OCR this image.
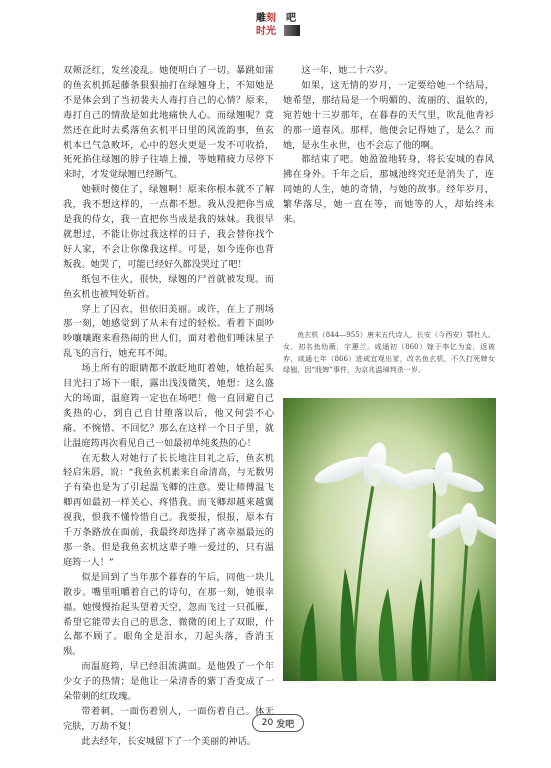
雕刻
时光
吧

双颊泛红，发丝凌乱。她便明白了一切。暴跳如雷的鱼玄机抓起藤条狠狠抽打在绿翘身上，不知她是不是体会到了当初裴夫人毒打自己的心情？原来，毒打自己的情敌是如此地痛快人心。而绿翘呢？竟然还在此时去奚落鱼玄机平日里的风流韵事，鱼玄机本已气急败坏，心中的怒火更是一发不可收拾，死死掐住绿翘的脖子往墙上撞，等她精疲力尽停下来时，才发觉绿翘已经断气。

她顿时傻住了，绿翘啊！原来你根本就不了解我，我不想这样的，一点都不想。我从没把你当成是我的侍女，我一直把你当成是我的妹妹。我很早就想过，不能让你过我这样的日子，我会替你找个好人家，不会让你像我这样。可是，如今连你也背叛我。她哭了，可能已经好久都没哭过了吧！

纸包不住火，很快，绿翘的尸首就被发现。而鱼玄机也被判处斩首。

穿上了囚衣，但依旧美丽。或许，在上了刑场那一刻，她感觉到了从未有过的轻松。看着下面吵吵嚷嚷跑来看热闹的世人们，面对着他们唾沫星子乱飞的言行，她充耳不闻。

场上所有的眼睛都不敢眨地盯着她，她抬起头目光扫了场下一眼，露出浅浅微笑，她想：这么盛大的场面，温庭筠一定也在场吧！他一直回避自己炙热的心，到自己自甘堕落以后，他又何尝不心痛、不惋惜、不回忆？那么在这样一个日子里，就让温庭筠再次看见自己一如最初单纯炙热的心！

在无数人对她行了长长地注目礼之后，鱼玄机轻启朱唇，说：“我鱼玄机素来自命清高，与无数男子有染也是为了引起温飞卿的注意。要让师傅温飞卿再如最初一样关心、疼惜我。而飞卿却越来越冀视我，恨我不懂怜惜自己。我要报，恨报，原本有千万条路放在面前，我最终却选择了离幸福最远的那一条。但是我鱼玄机这辈子唯一爱过的，只有温庭筠一人！”

似是回到了当年那个暮春的午后，同他一块儿散步。嘴里咀嚼着自己的诗句，在那一刻，她很幸福。她慢慢抬起头望着天空，忽而飞过一只孤雁，希望它能带去自己的思念，微微的闭上了双眼，什么都不顾了。眼角全是泪水，刀起头落，香消玉殒。

而温庭筠，早已经泪流满面。是他毁了一个年少女子的热情；是他让一朵清香的紫丁香变成了一朵带刺的红玫瑰。

带着刺，一面伤着别人，一面伤着自己。体无完肤，万劫不复！

此去经年，长安城留下了一个美丽的神话。

这一年，她二十六岁。

如果，这无情的岁月，一定要给她一个结局，她希望，那结局是一个明媚的、流丽的、温软的，宛若她十三岁那年，在暮春的天气里，吹乱他青衫的那一道春风。那样，他便会记得她了，是么？而她，是永生永世，也不会忘了他的啊。

都结束了吧。她盈盈地转身，将长安城的春风拂在身外。千年之后，那城池终究还是消失了，连同她的人生，她的奇情，与她的故事。经年岁月，繁华落尽，她一直在等，而她等的人，却始终未来。

鱼玄机（844—955）唐末五代诗人，长安（今西安）鄠杜人。女，初名鱼幼薇，字蕙兰。咸通初（860）嫁于李亿为妾，返被弃，咸通七年（866）进咸宜观出家，改名鱼玄机，不久打死婢女绿翘，因“戕婢”事件，为京兆温璋判杀一岁。
20 发吧
